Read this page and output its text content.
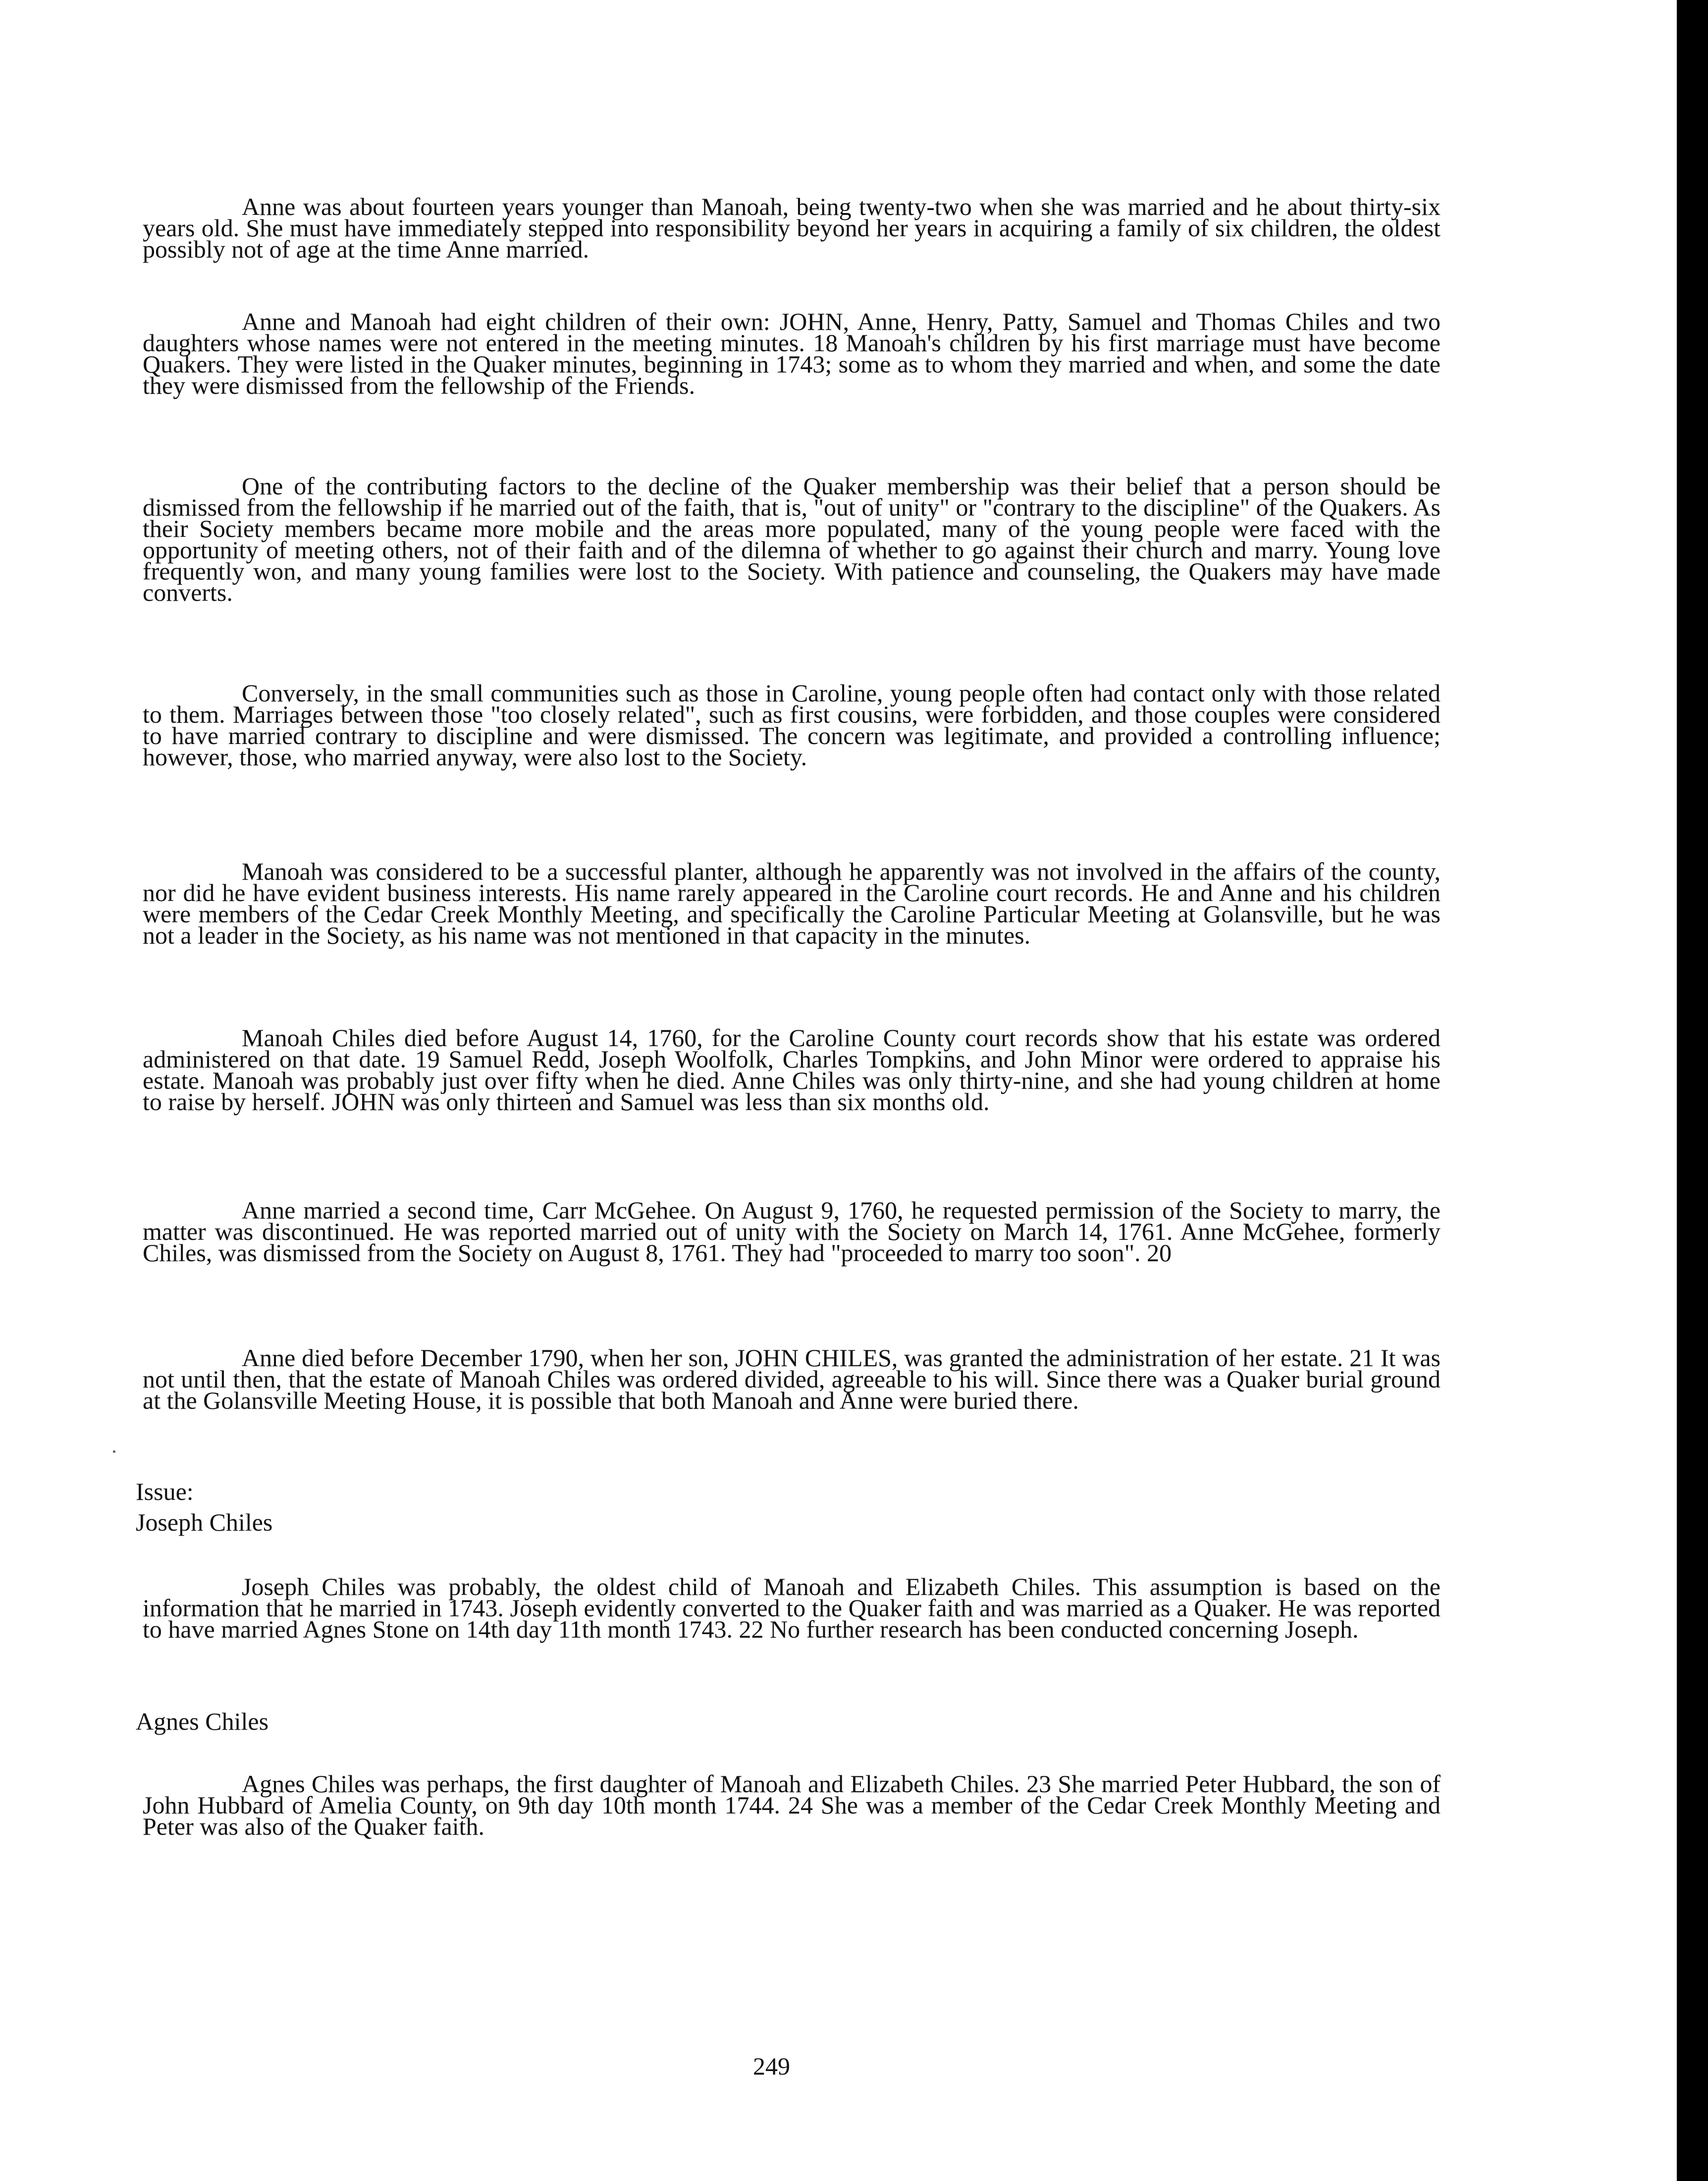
Anne was about fourteen years younger than Manoah, being twenty-two when she was married and he about thirty-six years old. She must have immediately stepped into responsibility beyond her years in acquiring a family of six children, the oldest possibly not of age at the time Anne married.

Anne and Manoah had eight children of their own: JOHN, Anne, Henry, Patty, Samuel and Thomas Chiles and two daughters whose names were not entered in the meeting minutes. 18 Manoah's children by his first marriage must have become Quakers. They were listed in the Quaker minutes, beginning in 1743; some as to whom they married and when, and some the date they were dismissed from the fellowship of the Friends.

One of the contributing factors to the decline of the Quaker membership was their belief that a person should be dismissed from the fellowship if he married out of the faith, that is, "out of unity" or "contrary to the discipline" of the Quakers. As their Society members became more mobile and the areas more populated, many of the young people were faced with the opportunity of meeting others, not of their faith and of the dilemna of whether to go against their church and marry. Young love frequently won, and many young families were lost to the Society. With patience and counseling, the Quakers may have made converts.

Conversely, in the small communities such as those in Caroline, young people often had contact only with those related to them. Marriages between those "too closely related", such as first cousins, were forbidden, and those couples were considered to have married contrary to discipline and were dismissed. The concern was legitimate, and provided a controlling influence; however, those, who married anyway, were also lost to the Society.

Manoah was considered to be a successful planter, although he apparently was not involved in the affairs of the county, nor did he have evident business interests. His name rarely appeared in the Caroline court records. He and Anne and his children were members of the Cedar Creek Monthly Meeting, and specifically the Caroline Particular Meeting at Golansville, but he was not a leader in the Society, as his name was not mentioned in that capacity in the minutes.

Manoah Chiles died before August 14, 1760, for the Caroline County court records show that his estate was ordered administered on that date. 19 Samuel Redd, Joseph Woolfolk, Charles Tompkins, and John Minor were ordered to appraise his estate. Manoah was probably just over fifty when he died. Anne Chiles was only thirty-nine, and she had young children at home to raise by herself. JOHN was only thirteen and Samuel was less than six months old.

Anne married a second time, Carr McGehee. On August 9, 1760, he requested permission of the Society to marry, the matter was discontinued. He was reported married out of unity with the Society on March 14, 1761. Anne McGehee, formerly Chiles, was dismissed from the Society on August 8, 1761. They had "proceeded to marry too soon". 20

Anne died before December 1790, when her son, JOHN CHILES, was granted the administration of her estate. 21 It was not until then, that the estate of Manoah Chiles was ordered divided, agreeable to his will. Since there was a Quaker burial ground at the Golansville Meeting House, it is possible that both Manoah and Anne were buried there.

Issue:

Joseph Chiles

Joseph Chiles was probably, the oldest child of Manoah and Elizabeth Chiles. This assumption is based on the information that he married in 1743. Joseph evidently converted to the Quaker faith and was married as a Quaker. He was reported to have married Agnes Stone on 14th day 11th month 1743. 22 No further research has been conducted concerning Joseph.

Agnes Chiles

Agnes Chiles was perhaps, the first daughter of Manoah and Elizabeth Chiles. 23 She married Peter Hubbard, the son of John Hubbard of Amelia County, on 9th day 10th month 1744. 24 She was a member of the Cedar Creek Monthly Meeting and Peter was also of the Quaker faith.

249
